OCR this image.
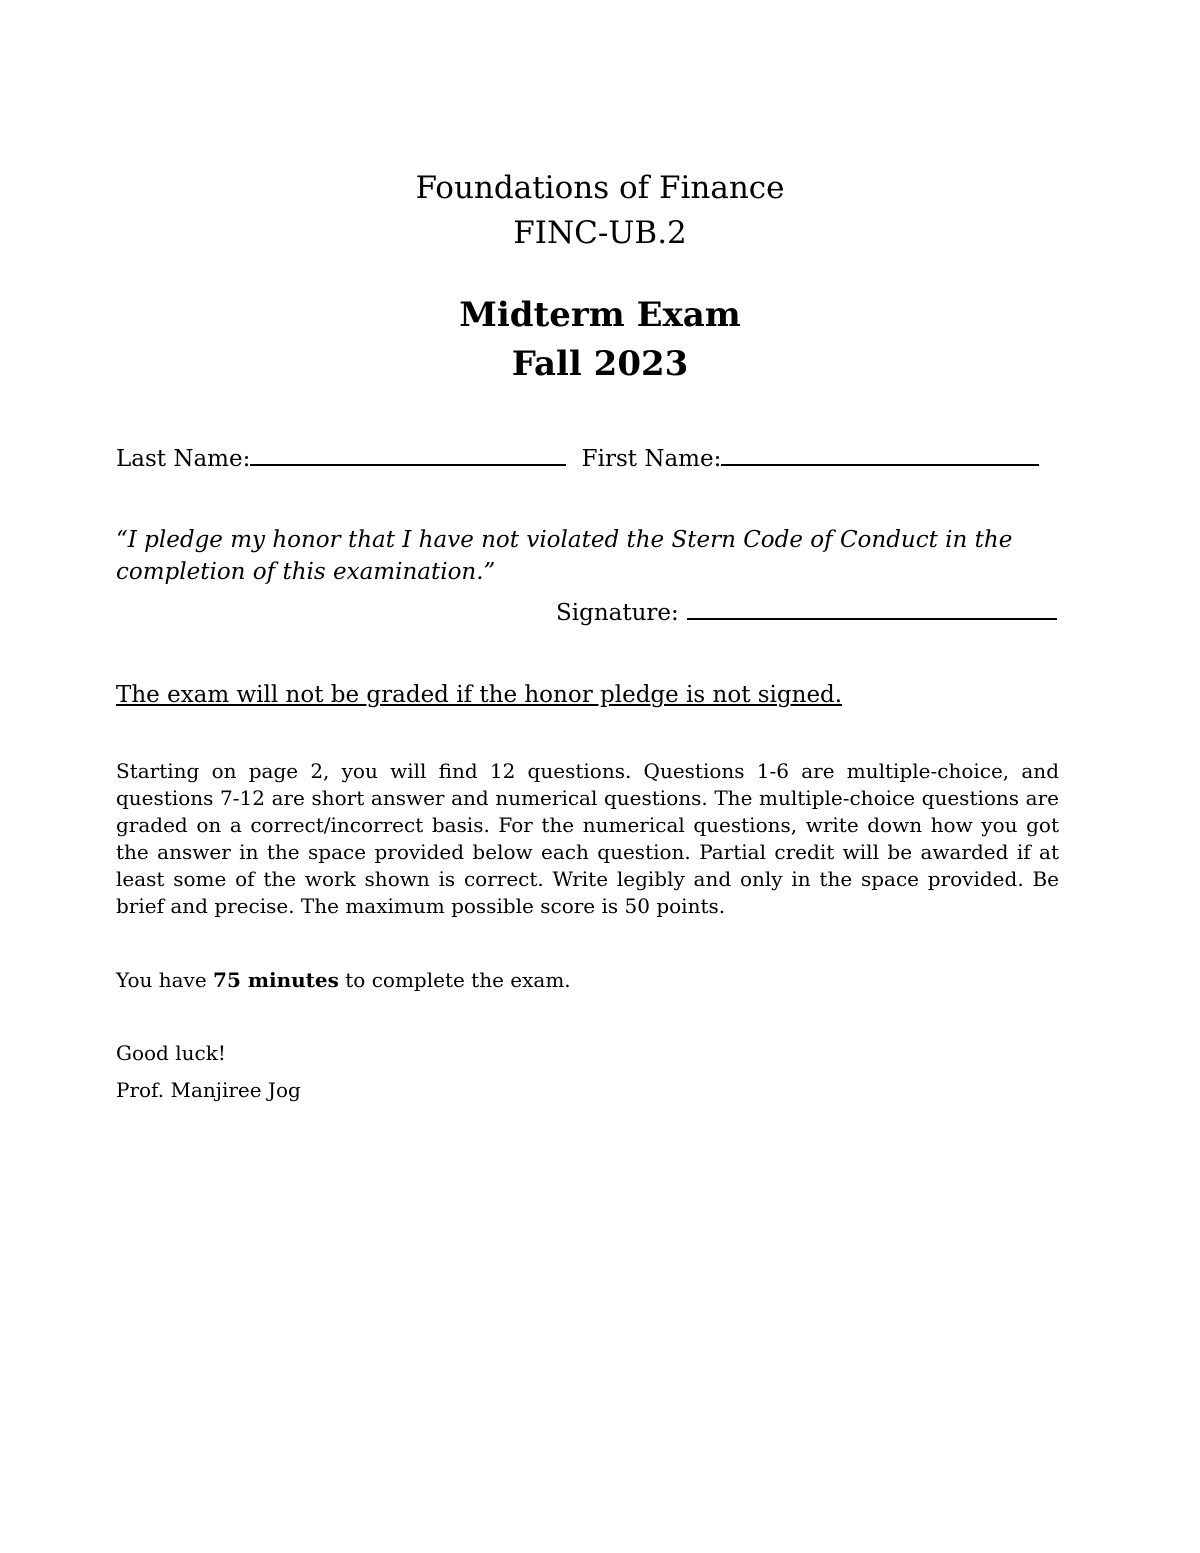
Foundations of Finance
FINC-UB.2
Midterm Exam
Fall 2023
Last Name:	First Name:

“I pledge my honor that I have not violated the Stern Code of Conduct in the completion of this examination.”

Signature:

The exam will not be graded if the honor pledge is not signed.

Starting on page 2, you will find 12 questions. Questions 1-6 are multiple-choice, and questions 7-12 are short answer and numerical questions. The multiple-choice questions are graded on a correct/incorrect basis. For the numerical questions, write down how you got the answer in the space provided below each question. Partial credit will be awarded if at least some of the work shown is correct. Write legibly and only in the space provided. Be brief and precise. The maximum possible score is 50 points.

You have 75 minutes to complete the exam.

Good luck!

Prof. Manjiree Jog
